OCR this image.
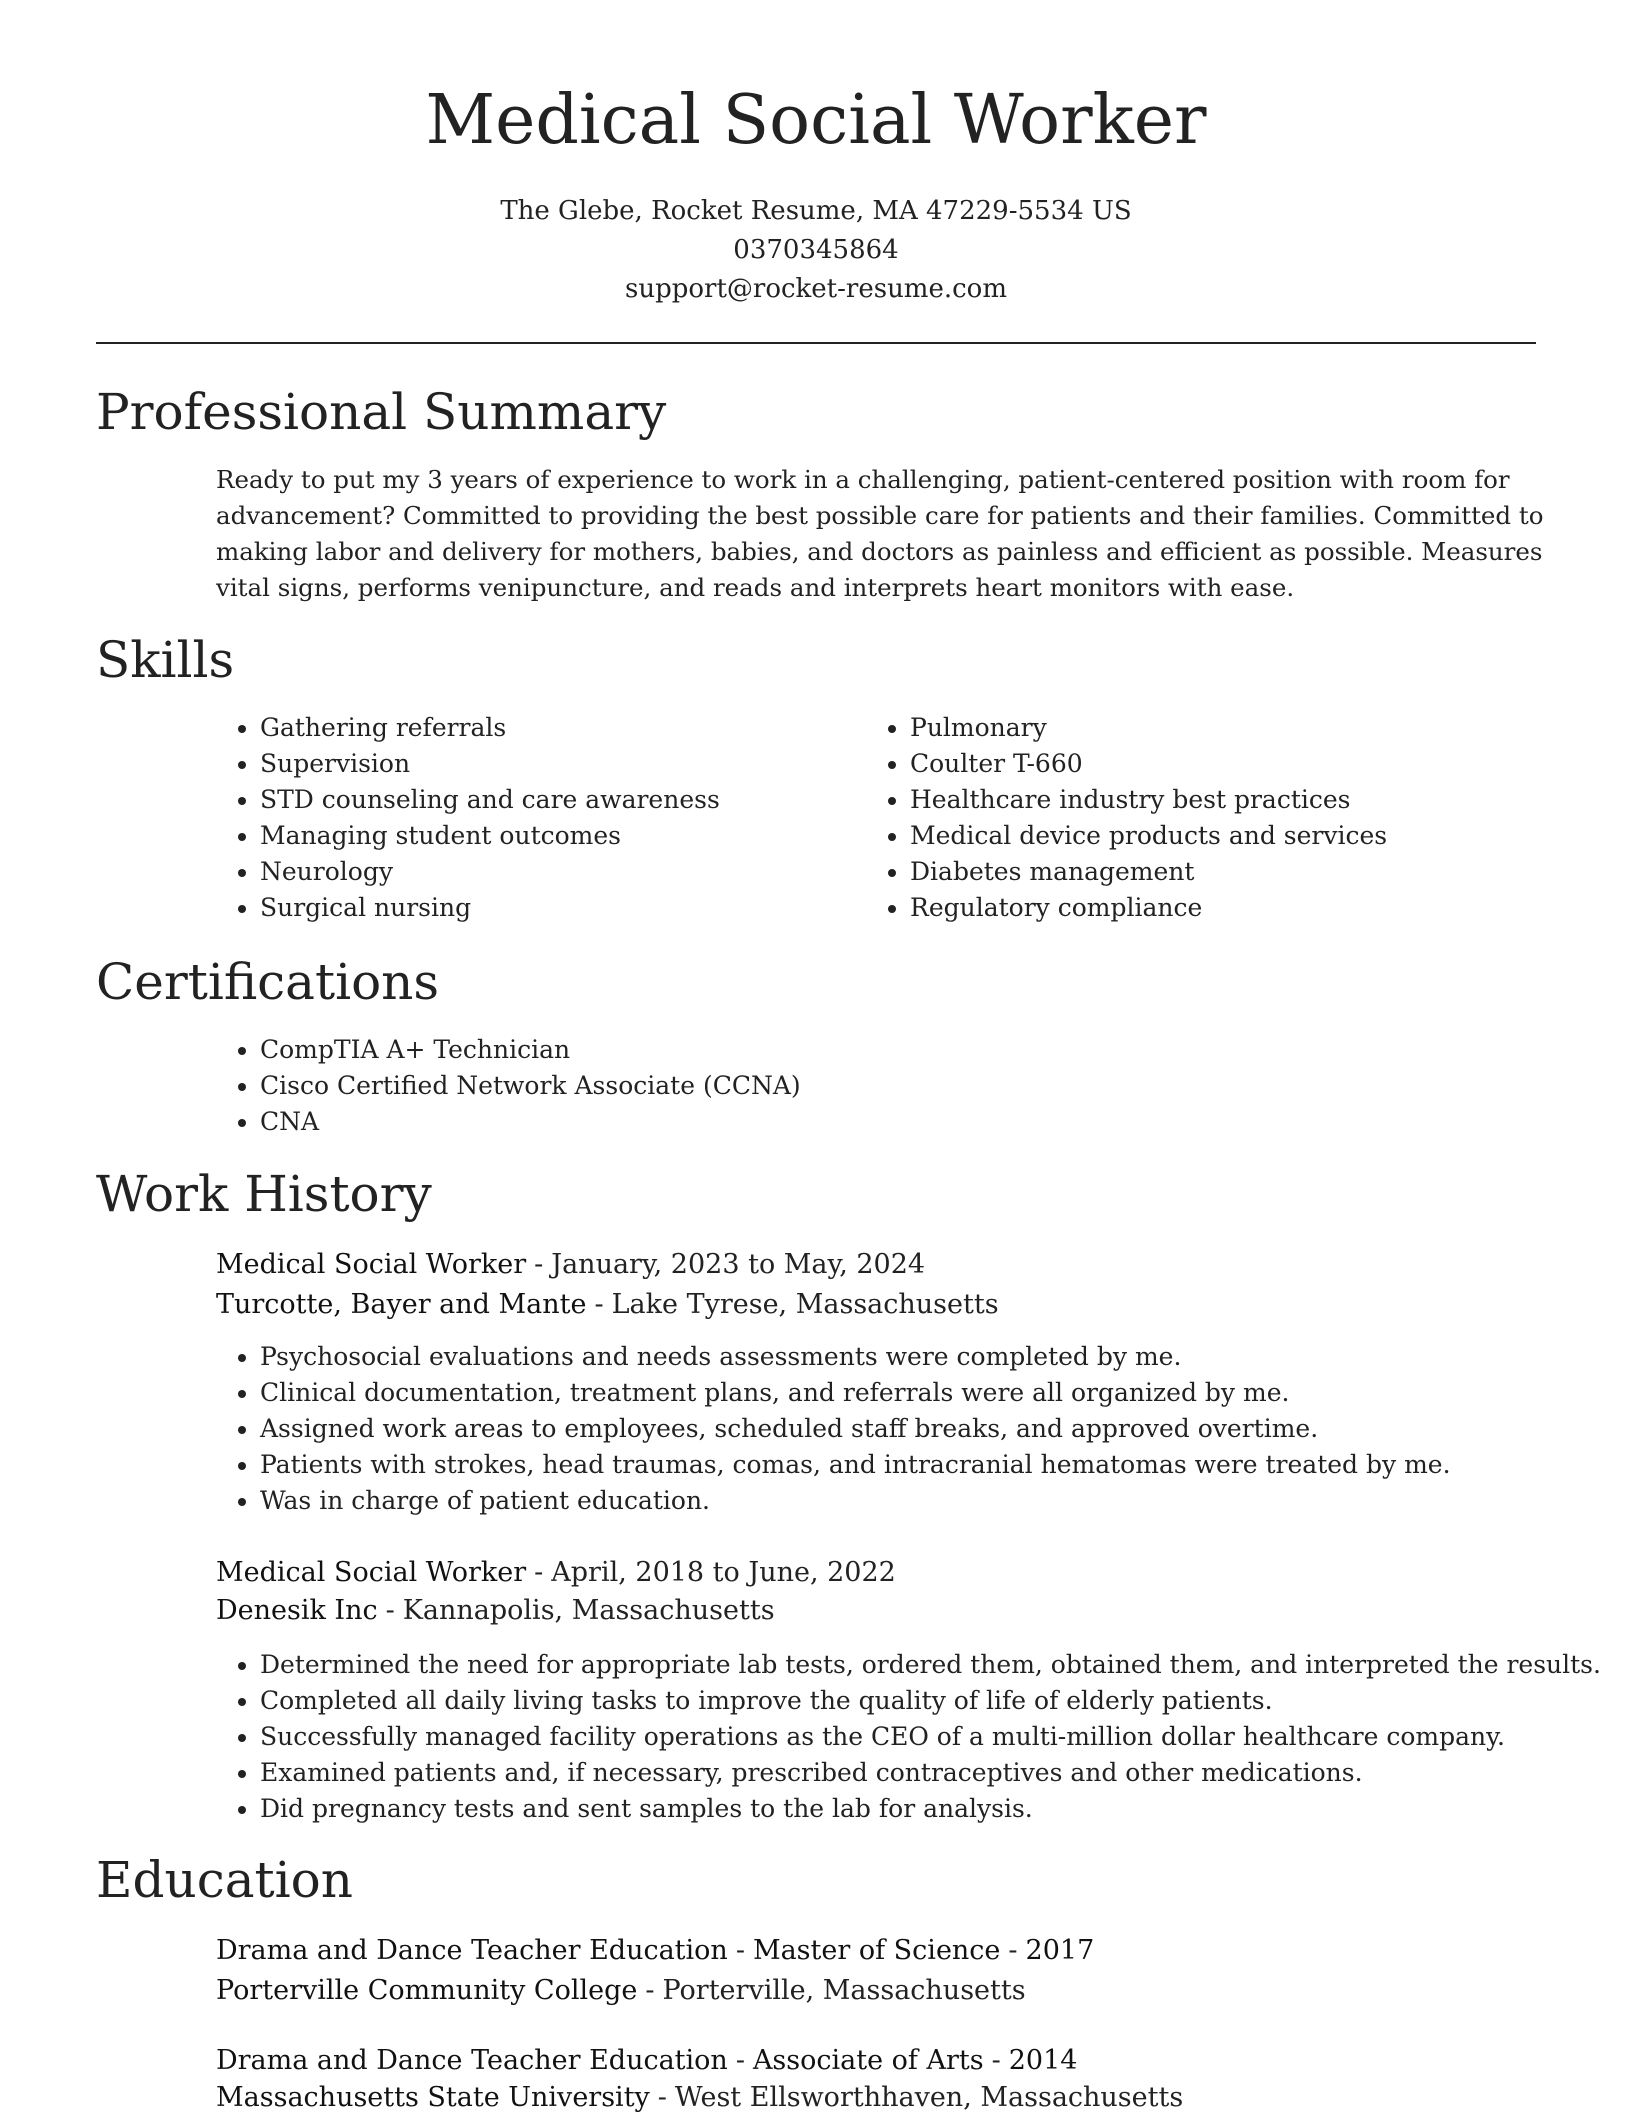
Medical Social Worker
The Glebe, Rocket Resume, MA 47229-5534 US
0370345864
support@rocket-resume.com
Professional Summary

Ready to put my 3 years of experience to work in a challenging, patient-centered position with room for advancement? Committed to providing the best possible care for patients and their families. Committed to making labor and delivery for mothers, babies, and doctors as painless and efficient as possible. Measures vital signs, performs venipuncture, and reads and interprets heart monitors with ease.

Skills
• Gathering referrals
• Supervision
• STD counseling and care awareness
• Managing student outcomes
• Neurology
• Surgical nursing
• Pulmonary
• Coulter T-660
• Healthcare industry best practices
• Medical device products and services
• Diabetes management
• Regulatory compliance
Certifications
• CompTIA A+ Technician
• Cisco Certified Network Associate (CCNA)
• CNA
Work History
Medical Social Worker - January, 2023 to May, 2024
Turcotte, Bayer and Mante - Lake Tyrese, Massachusetts
• Psychosocial evaluations and needs assessments were completed by me.
• Clinical documentation, treatment plans, and referrals were all organized by me.
• Assigned work areas to employees, scheduled staff breaks, and approved overtime.
• Patients with strokes, head traumas, comas, and intracranial hematomas were treated by me.
• Was in charge of patient education.
Medical Social Worker - April, 2018 to June, 2022
Denesik Inc - Kannapolis, Massachusetts
• Determined the need for appropriate lab tests, ordered them, obtained them, and interpreted the results.
• Completed all daily living tasks to improve the quality of life of elderly patients.
• Successfully managed facility operations as the CEO of a multi-million dollar healthcare company.
• Examined patients and, if necessary, prescribed contraceptives and other medications.
• Did pregnancy tests and sent samples to the lab for analysis.
Education
Drama and Dance Teacher Education - Master of Science - 2017
Porterville Community College - Porterville, Massachusetts
Drama and Dance Teacher Education - Associate of Arts - 2014
Massachusetts State University - West Ellsworthhaven, Massachusetts
